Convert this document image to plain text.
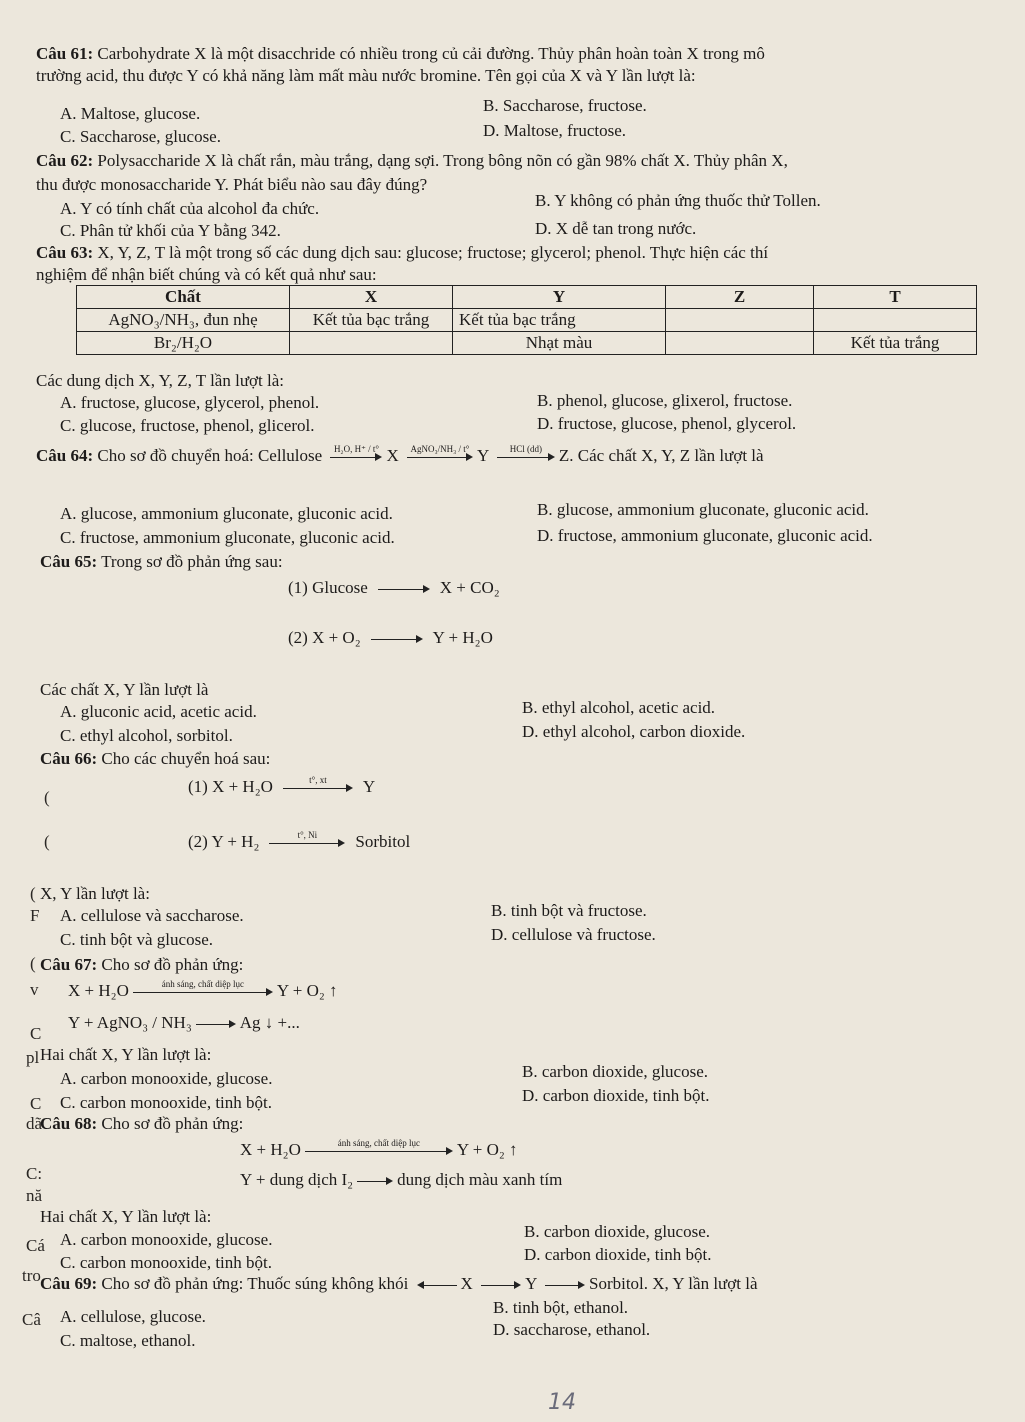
Câu 61: Carbohydrate X là một disacchride có nhiều trong củ cải đường. Thủy phân hoàn toàn X trong mô
trường acid, thu được Y có khả năng làm mất màu nước bromine. Tên gọi của X và Y lần lượt là:
A. Maltose, glucose.	B. Saccharose, fructose.
C. Saccharose, glucose.	D. Maltose, fructose.
Câu 62: Polysaccharide X là chất rắn, màu trắng, dạng sợi. Trong bông nõn có gần 98% chất X. Thủy phân X,
thu được monosaccharide Y. Phát biểu nào sau đây đúng?
A. Y có tính chất của alcohol đa chức.	B. Y không có phản ứng thuốc thử Tollen.
C. Phân tử khối của Y bằng 342.	D. X dễ tan trong nước.
Câu 63: X, Y, Z, T là một trong số các dung dịch sau: glucose; fructose; glycerol; phenol. Thực hiện các thí
nghiệm để nhận biết chúng và có kết quả như sau:
Chất	X	Y	Z	T
AgNO₃/NH₃, đun nhẹ	Kết tủa bạc trắng	Kết tủa bạc trắng		
Br₂/H₂O		Nhạt màu		Kết tủa trắng
Các dung dịch X, Y, Z, T lần lượt là:
A. fructose, glucose, glycerol, phenol.	B. phenol, glucose, glixerol, fructose.
C. glucose, fructose, phenol, glicerol.	D. fructose, glucose, phenol, glycerol.
Câu 64: Cho sơ đồ chuyển hoá: Cellulose	H₂O, H⁺ / t° X	AgNO₃/NH₃ / t° Y	HCl (dd) Z. Các chất X, Y, Z lần lượt là
A. glucose, ammonium gluconate, gluconic acid.	B. glucose, ammonium gluconate, gluconic acid.
C. fructose, ammonium gluconate, gluconic acid.	D. fructose, ammonium gluconate, gluconic acid.
Câu 65: Trong sơ đồ phản ứng sau:
(1) Glucose	X + CO₂
(2) X + O₂	Y + H₂O
Các chất X, Y lần lượt là
A. gluconic acid, acetic acid.	B. ethyl alcohol, acetic acid.
C. ethyl alcohol, sorbitol.	D. ethyl alcohol, carbon dioxide.
Câu 66: Cho các chuyển hoá sau:
(1) X + H₂O	t°, xt	Y
(2) Y + H₂	t°, Ni	Sorbitol
X, Y lần lượt là:
A. cellulose và saccharose.	B. tinh bột và fructose.
C. tinh bột và glucose.	D. cellulose và fructose.
Câu 67: Cho sơ đồ phản ứng:
X + H₂O	ánh sáng, chất diệp lục	Y + O₂ ↑
Y + AgNO₃ / NH₃	Ag ↓ +...
Hai chất X, Y lần lượt là:
A. carbon monooxide, glucose.	B. carbon dioxide, glucose.
C. carbon monooxide, tinh bột.	D. carbon dioxide, tinh bột.
Câu 68: Cho sơ đồ phản ứng:
X + H₂O	ánh sáng, chất diệp lục	Y + O₂ ↑
Y + dung dịch I₂	dung dịch màu xanh tím
Hai chất X, Y lần lượt là:
A. carbon monooxide, glucose.	B. carbon dioxide, glucose.
C. carbon monooxide, tinh bột.	D. carbon dioxide, tinh bột.
Câu 69: Cho sơ đồ phản ứng: Thuốc súng không khói	X	Y	Sorbitol. X, Y lần lượt là
A. cellulose, glucose.	B. tinh bột, ethanol.
C. maltose, ethanol.
D. saccharose, ethanol.
(
(
(
F
(
v
C
pl
C
dã
C:
nă
Cá
tro
Câ
14
